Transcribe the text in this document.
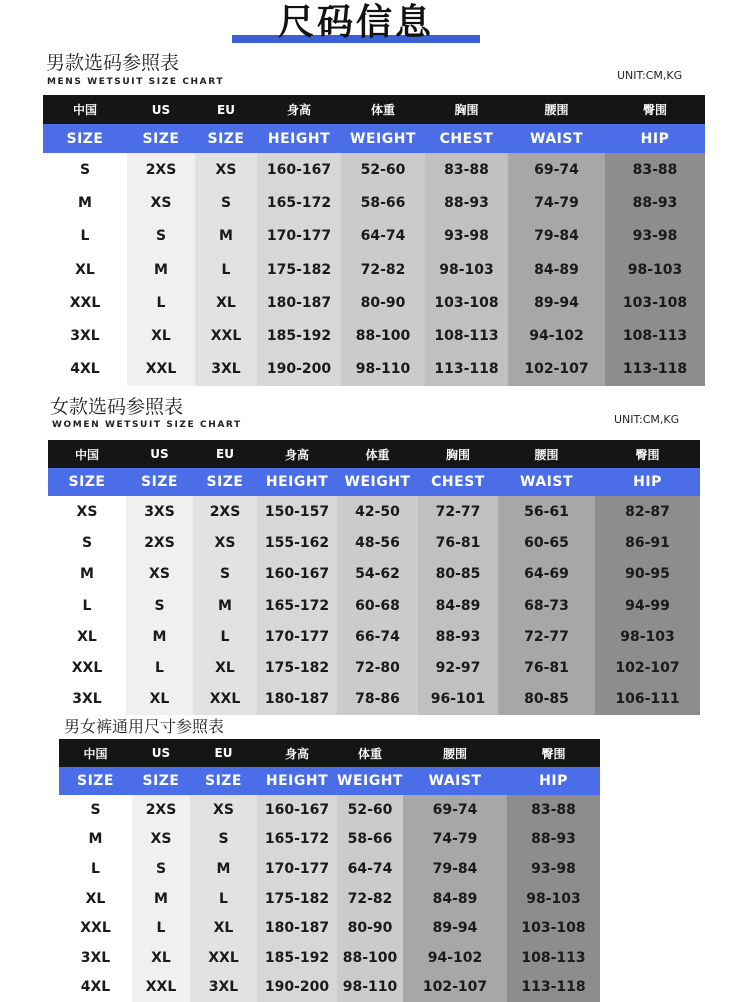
尺码信息
男款选码参照表
MENS WETSUIT SIZE CHART	UNIT:CM,KG
中国	US	EU	身高	体重	胸围	腰围	臀围
SIZE	SIZE	SIZE	HEIGHT	WEIGHT	CHEST	WAIST	HIP
S	2XS	XS	160-167	52-60	83-88	69-74	83-88
M	XS	S	165-172	58-66	88-93	74-79	88-93
L	S	M	170-177	64-74	93-98	79-84	93-98
XL	M	L	175-182	72-82	98-103	84-89	98-103
XXL	L	XL	180-187	80-90	103-108	89-94	103-108
3XL	XL	XXL	185-192	88-100	108-113	94-102	108-113
4XL	XXL	3XL	190-200	98-110	113-118	102-107	113-118
女款选码参照表
WOMEN WETSUIT SIZE CHART	UNIT:CM,KG
中国	US	EU	身高	体重	胸围	腰围	臀围
SIZE	SIZE	SIZE	HEIGHT	WEIGHT	CHEST	WAIST	HIP
XS	3XS	2XS	150-157	42-50	72-77	56-61	82-87
S	2XS	XS	155-162	48-56	76-81	60-65	86-91
M	XS	S	160-167	54-62	80-85	64-69	90-95
L	S	M	165-172	60-68	84-89	68-73	94-99
XL	M	L	170-177	66-74	88-93	72-77	98-103
XXL	L	XL	175-182	72-80	92-97	76-81	102-107
3XL	XL	XXL	180-187	78-86	96-101	80-85	106-111
男女裤通用尺寸参照表
中国	US	EU	身高	体重	腰围	臀围
SIZE	SIZE	SIZE	HEIGHT	WEIGHT	WAIST	HIP
S	2XS	XS	160-167	52-60	69-74	83-88
M	XS	S	165-172	58-66	74-79	88-93
L	S	M	170-177	64-74	79-84	93-98
XL	M	L	175-182	72-82	84-89	98-103
XXL	L	XL	180-187	80-90	89-94	103-108
3XL	XL	XXL	185-192	88-100	94-102	108-113
4XL	XXL	3XL	190-200	98-110	102-107	113-118
